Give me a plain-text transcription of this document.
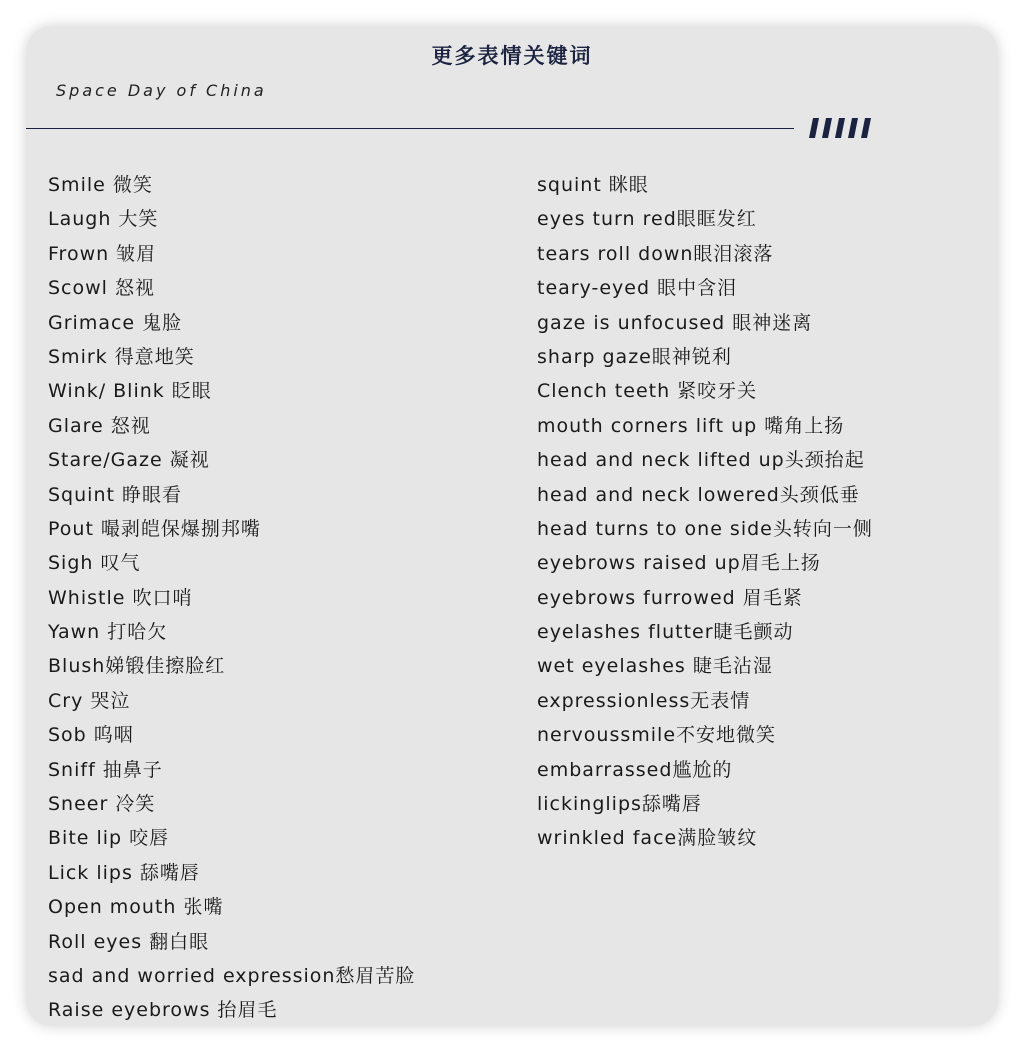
更多表情关键词
Space Day of China
Smile 微笑
Laugh 大笑
Frown 皱眉
Scowl 怒视
Grimace 鬼脸
Smirk 得意地笑
Wink/ Blink 眨眼
Glare 怒视
Stare/Gaze 凝视
Squint 睁眼看
Pout 嘬剥皑保爆捌邦嘴
Sigh 叹气
Whistle 吹口哨
Yawn 打哈欠
Blush娣锻佳擦脸红
Cry 哭泣
Sob 呜咽
Sniff 抽鼻子
Sneer 冷笑
Bite lip 咬唇
Lick lips 舔嘴唇
Open mouth 张嘴
Roll eyes 翻白眼
sad and worried expression愁眉苦脸
Raise eyebrows 抬眉毛
squint 眯眼
eyes turn red眼眶发红
tears roll down眼泪滚落
teary-eyed 眼中含泪
gaze is unfocused 眼神迷离
sharp gaze眼神锐利
Clench teeth 紧咬牙关
mouth corners lift up 嘴角上扬
head and neck lifted up头颈抬起
head and neck lowered头颈低垂
head turns to one side头转向一侧
eyebrows raised up眉毛上扬
eyebrows furrowed 眉毛紧
eyelashes flutter睫毛颤动
wet eyelashes 睫毛沾湿
expressionless无表情
nervoussmile不安地微笑
embarrassed尴尬的
lickinglips舔嘴唇
wrinkled face满脸皱纹
